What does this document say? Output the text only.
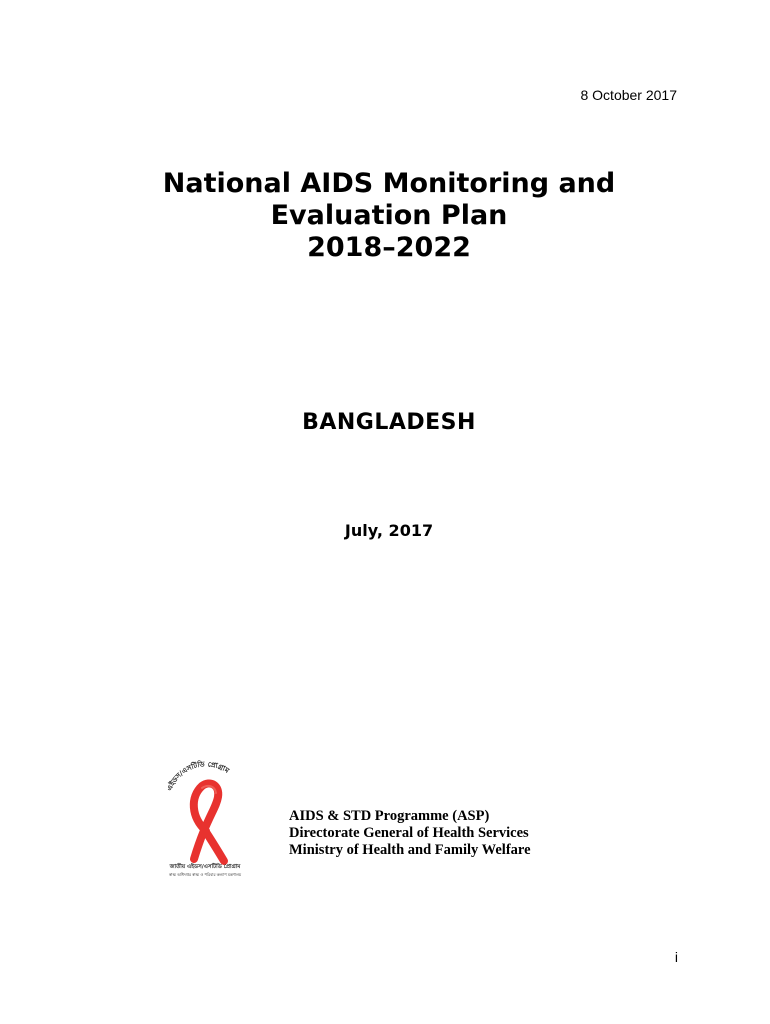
8 October 2017
National AIDS Monitoring and
Evaluation Plan
2018–2022
BANGLADESH
July, 2017
এইডস/এসটিডি প্রোগ্রাম
জাতীয় এইডস/এসটিডি প্রোগ্রাম
স্বাস্থ্য অধিদপ্তর স্বাস্থ্য ও পরিবার কল্যাণ মন্ত্রণালয়
AIDS & STD Programme (ASP)
Directorate General of Health Services
Ministry of Health and Family Welfare
i
